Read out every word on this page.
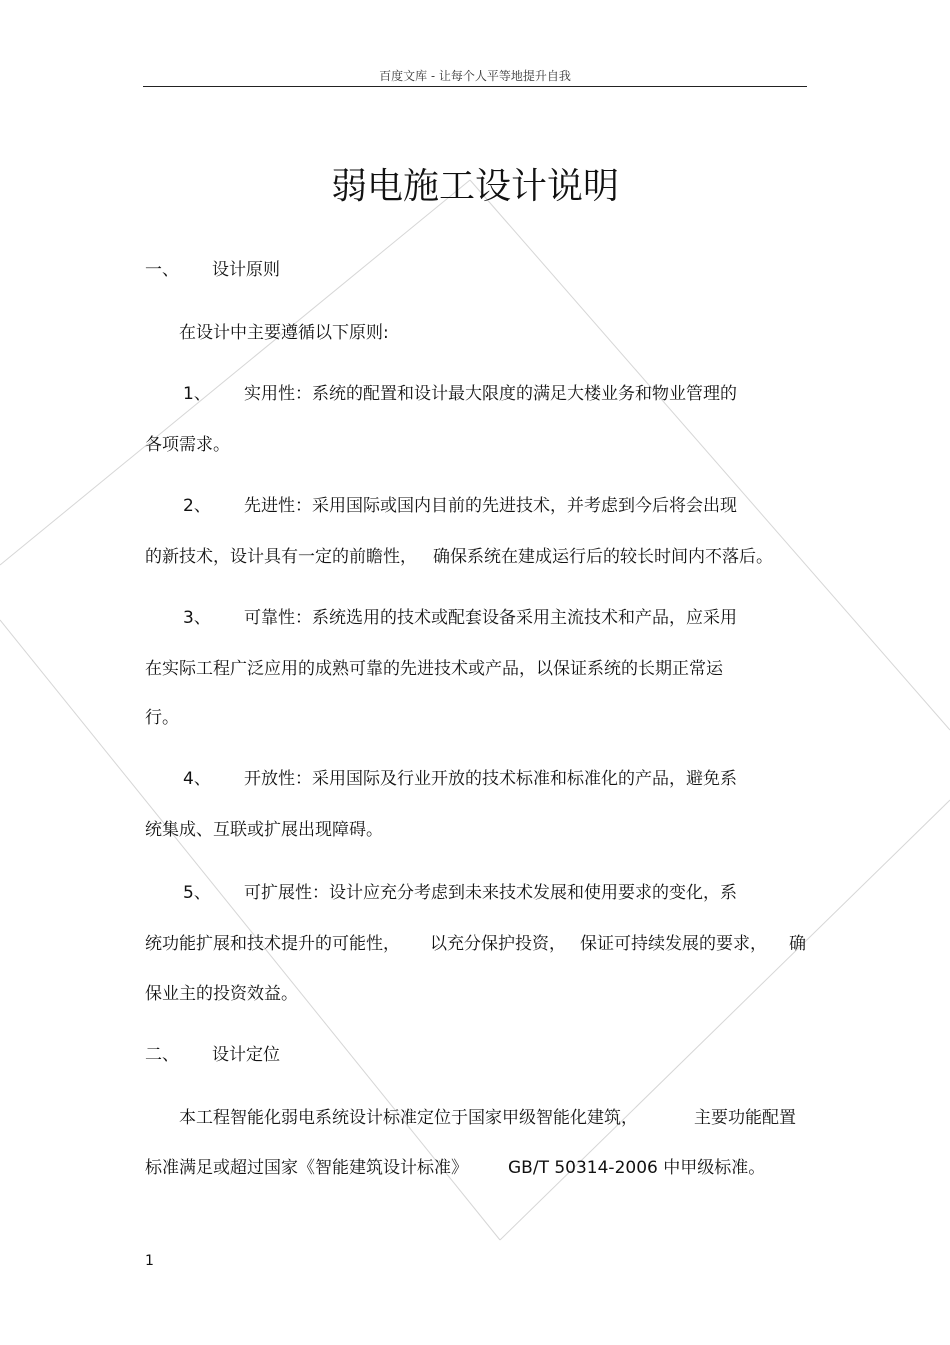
百度文库 - 让每个人平等地提升自我
弱电施工设计说明
一、 设计原则
在设计中主要遵循以下原则:
1、 实用性：系统的配置和设计最大限度的满足大楼业务和物业管理的
各项需求。
2、 先进性：采用国际或国内目前的先进技术，并考虑到今后将会出现
的新技术，设计具有一定的前瞻性， 确保系统在建成运行后的较长时间内不落后。
3、 可靠性：系统选用的技术或配套设备采用主流技术和产品，应采用
在实际工程广泛应用的成熟可靠的先进技术或产品，以保证系统的长期正常运
行。
4、 开放性：采用国际及行业开放的技术标准和标准化的产品，避免系
统集成、互联或扩展出现障碍。
5、 可扩展性：设计应充分考虑到未来技术发展和使用要求的变化，系
统功能扩展和技术提升的可能性， 以充分保护投资， 保证可持续发展的要求， 确
保业主的投资效益。
二、 设计定位
本工程智能化弱电系统设计标准定位于国家甲级智能化建筑，	主要功能配置
标准满足或超过国家《智能建筑设计标准》 GB/T 50314-2006 中甲级标准。
1
